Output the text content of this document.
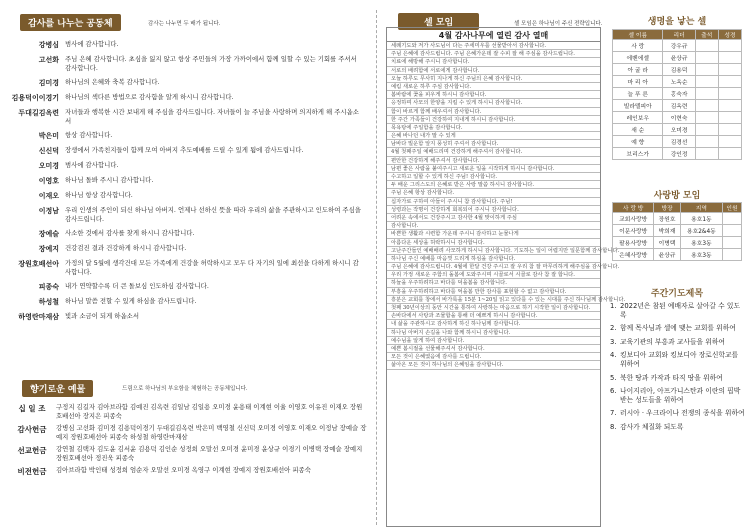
감사를 나누는 공동체	감사는 나누면 두 배가 됩니다.
강병심 범사에 감사합니다.
고선화 주님 은혜 감사합니다. 초심을 잃지 않고 항상 주민들의 가장 가까이에서 함께 일할 수 있는 기회를 주셔서 감사합니다.
김미경 하나님의 은혜와 축복 감사합니다.
김용덕이이경기 하나님의 섹다른 방법으로 감사함을 알게 하시니 감사합니다.
두대길김옥련 자녀들과 행복한 시간 보내게 해 주심을 감사드립니다. 자녀들이 늘 주님을 사랑하며 의지하게 해 주시옵소서
박은미 항상 감사합니다.
신신덕 장생에서 가족친지들이 함께 모여 아버지 추도예배를 드릴 수 있게 됨에 감사드립니다.
오미경 범사에 감사합니다.
이영호 하나님 돌봐 주시니 감사합니다.
이재오 하나님 항상 감사합니다.
이정남 우리 인생의 주인이 되신 하나님 아버지. 언제나 선하신 뜻을 따라 우리의 삶을 주관하시고 인도하여 주심을 감사드립니다.
장예슬 사소한 것에서 감사를 찾게 하시니 감사합니다.
장예지 건강검진 결과 건강하게 하시니 감사합니다.
장원호배선아 가정의 달 5월에 생각건대 모든 가족에게 건강을 허락하시고 모두 다 자기의 일에 최선을 다하게 하시니 감사합니다.
피종숙 내가 연약할수록 더 큰 돌보심 인도하심 감사합니다.
하성철 하나님 말씀 전할 수 있게 하심을 감사드립니다.
하영란마재삼 빛과 소금이 되게 하옵소서
향기로운 예물	드림으로 하나님의 부요함을 체험하는 공동체입니다.
십 일 조	구정지 김길자 김아브라함 김예진 김옥련 김일남 김일용 오미경 윤용태 이계현 이율 이영호 이유진 이재오 장원호배선아 장지은 피종숙
감사헌금	강병심 고선화 김미경 김용덕이경기 두대길김옥련 박은미 백영철 신신덕 오미경 이영호 이재오 이정남 장예슬 장예지 장원호배선아 피종숙 하성철 하영란마재삼
선교헌금	강연철 김택자 김도윤 김서윤 김용덕 김인순 성정희 오말선 오미경 윤미경 윤상규 이경기 이병택 장예슬 장예지 장원호배선아 정진욱 피종숙
비전헌금	김아브라함 박인태 성정희 엄순자 오말선 오미경 옥영구 이계현 장예지 장원호배선아 피종숙
셀 모임	셀 모임은 하나님이 주신 전략입니다.
4월 감사나무에 열린 감사 열매
세례기도와 저가 사도님이 다는 주세미우를 선물받아서 감사합니다.
주님 은혜에 감사드립니다. 주님 은혜가운데 잘 수피 잘 해 주심을 감사드립니다.
치료에 해방해 주시니 감사합니다.
서로의 배려함에 서로에게 감사합니다.
오늘 하루도 무사히 지나게 하신 주님의 은혜 감사합니다.
예림 새로운 하루 주심 감사합니다.
봄바람에 꽃을 피우게 하시니 감사합니다.
응정하며 사모의 한양을 지킬 수 있게 하시니 감사합니다.
함이 바르게 함께 배우셔서 감사합니다.
한 주간 가족들이 건강하여 지내게 하시니 감사합니다.
목욕탕에 주일함을 감사합니다.
은혜 바나던 내가 말 수 있게
남바다 빌운함 앞지 풍성히 주셔서 감사합니다.
4월 첫째주일 예배드리며 건강하게 해주셔서 감사합니다.
편안한 건강하게 해주셔서 감사합니다.
남편 좋은 사람을 붙여주시고 새로운 일을 시작하게 하시니 감사합니다.
수고하고 일할 수 있게 하신 주님! 감사합니다.
두 배운 그리스도의 은혜로 받은 사랑 말씀 하시니 감사합니다.
주님 은혜 항상 감사합니다.
십자가로 구하여 아들이 주시니 참 감사합니다. 주님!
성령과는 작명이 건강하게 회복되어 주시니 감사합니다.
어려운 속에서도 건강주시고 감사한 4월 맞이하게 주심
감사합니다.
바쁜한 생활과 시련함 가운데 주시니 감사하고 눈물나게
아름다운 세상을 허락하시니 감사합니다.
고난주간들인 예배배려 사모하게 하시니 감사합니다. 기도하는 일이 어렵지만 일문함께 감사합니다.
하나님 주신 예배를 마음껏 드리게 하심을 감사합니다.
주님 은혜에 감사드립니다. 4월에 한달 건강 주시고 잘 우리 참 잘 마무리하게 해주심을 감사합니다.
우리 가정 새로운 주함의 돌봄에 도와주시며 시골로서 시골로 감사 참 잘 합니다.
하늘을 우주하려하고 바다를 덕을봄을 감사합니다.
부흥을 우주하려하고 바다를 억을봄 만한 감사를 표현할 수 없고 감사합니다.
흥분은 교회를 창에서 바가룩을 15분 1~20일 읽고 있다를 수 있는 시대를 주신 하나님께 감사합니다.
첫째 30년이상의 동안 시간을 통하여 사랑하는 마음으로 하기 시작한 일이 감사합니다.
손바다에서 사탕과 조물합을 통해 더 예쁘게 하시니 감사합니다.
내 삶을 주관하시고 감사하게 하신 하나님께 감사합니다.
하나님 아버지 손길을 나와 함께 하시니 감사합니다.
예수님을 알게 하여 감사합니다.
예쁜 봄시절을 선물해주셔서 감사합니다.
모든 것이 은혜였음에 감사를 드립니다.
삶아온 모든 것이 하나님의 은혜임을 감사합니다.
생명을 낳는 셀
셀 이름	리더	출석	성경
사 랑	강우규		
에벤에셀	윤상규		
아 굴 라	김용덕		
마 리 아	노옥순		
늘 푸 른	홍숙자		
빌라델피아	김옥련		
레인보우	이현숙		
새 순	오미경		
예 향	김경선		
브리스가	강인정		
사랑방 모임
사 랑 방	방장	지역	인원
교회사랑방	장원호	용호1동	
이문사랑방	박희재	용호2&4동	
팔용사랑방	이병택	용호3동	
은혜사랑방	윤상규	용호3동	
주간기도제목
1. 2022년은 참된 예배자로 살아갈 수 있도록
2. 함께 목사님과 셀에 맺는 교회를 위하여
3. 교육기관의 부흥과 교사들을 위하여
4. 킹보디아 교회와 킹보디아 장로신학교를 위하여
5. 북한 땅과 카작과 타직 땅을 위하여
6. 나이지리아, 아프가니스탄과 이란의 핍박받는 성도들을 위하여
7. 러시아 · 우크라이나 전쟁의 종식을 위하여
8. 감사가 체질화 되도록
